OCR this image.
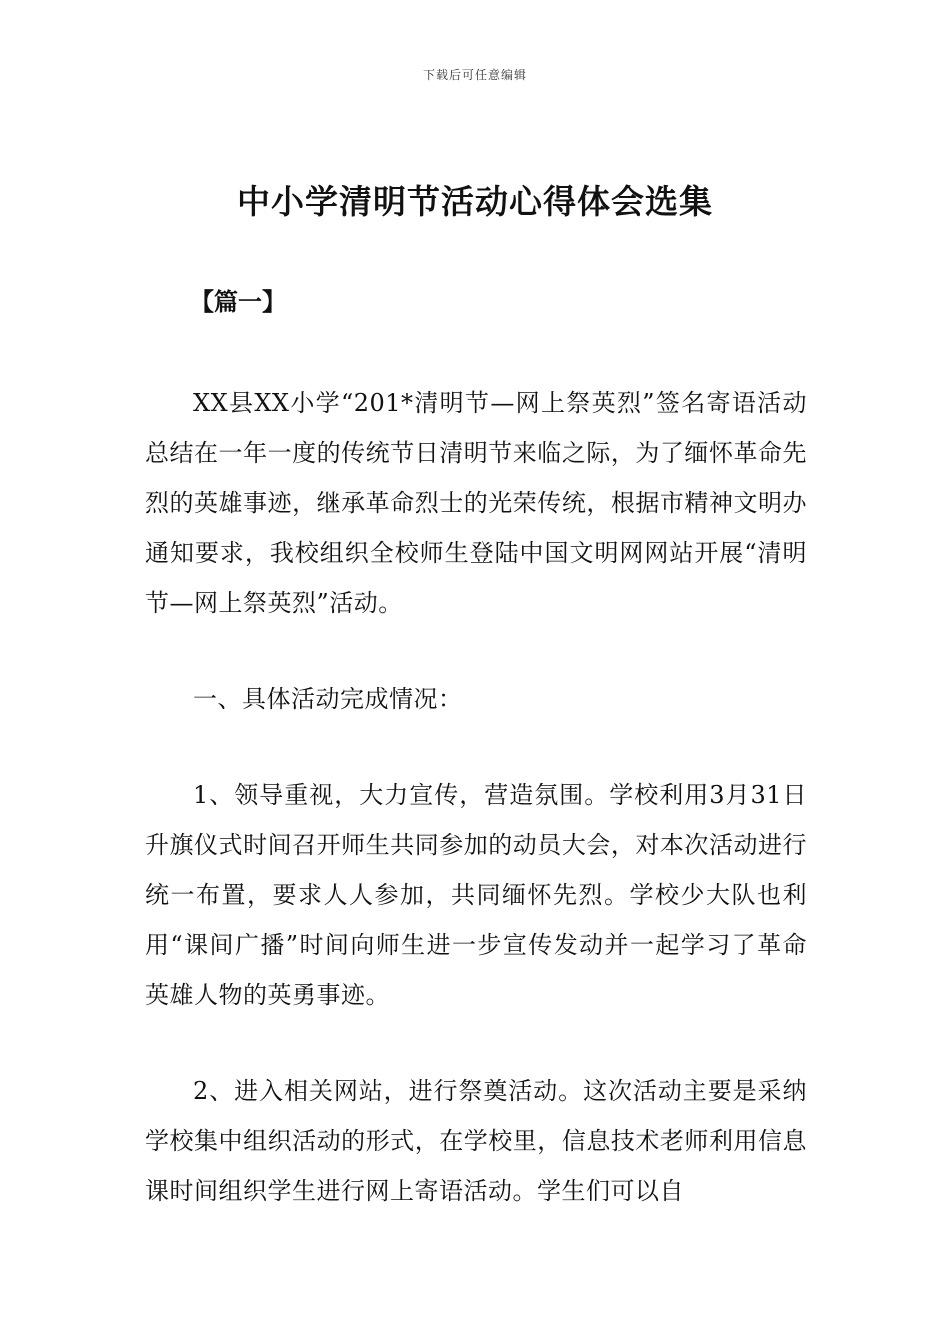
下载后可任意编辑
中小学清明节活动心得体会选集
【篇一】

XX县XX小学“201*清明节—网上祭英烈”签名寄语活动总结在一年一度的传统节日清明节来临之际，为了缅怀革命先烈的英雄事迹，继承革命烈士的光荣传统，根据市精神文明办通知要求，我校组织全校师生登陆中国文明网网站开展“清明节—网上祭英烈”活动。

一、具体活动完成情况：

1、领导重视，大力宣传，营造氛围。学校利用3月31日升旗仪式时间召开师生共同参加的动员大会，对本次活动进行统一布置，要求人人参加，共同缅怀先烈。学校少大队也利用“课间广播”时间向师生进一步宣传发动并一起学习了革命英雄人物的英勇事迹。

2、进入相关网站，进行祭奠活动。这次活动主要是采纳学校集中组织活动的形式，在学校里，信息技术老师利用信息课时间组织学生进行网上寄语活动。学生们可以自
